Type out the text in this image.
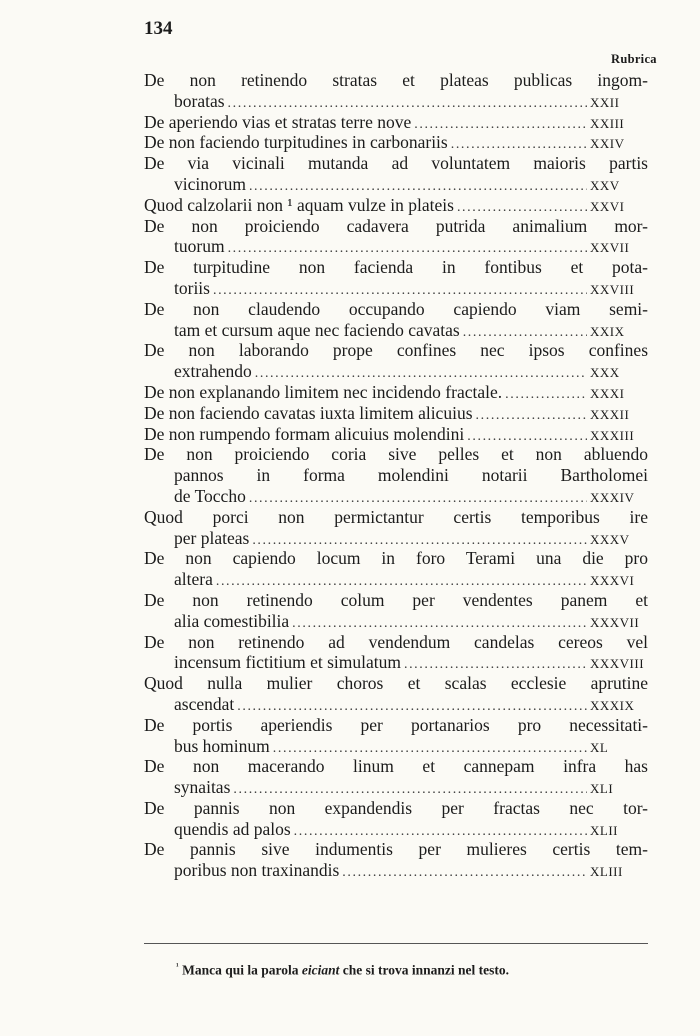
134
Rubrica
De non retinendo stratas et plateas publicas ingom-
boratas .....	XXII
De aperiendo vias et stratas terre nove .....	XXIII
De non faciendo turpitudines in carbonariis .....	XXIV
De via vicinali mutanda ad voluntatem maioris partis
vicinorum .....	XXV
Quod calzolarii non ¹ aquam vulze in plateis .....	XXVI
De non proiciendo cadavera putrida animalium mor-
tuorum .....	XXVII
De turpitudine non facienda in fontibus et pota-
toriis .....	XXVIII
De non claudendo occupando capiendo viam semi-
tam et cursum aque nec faciendo cavatas .....	XXIX
De non laborando prope confines nec ipsos confines
extrahendo .....	XXX
De non explanando limitem nec incidendo fractale. .....	XXXI
De non faciendo cavatas iuxta limitem alicuius .....	XXXII
De non rumpendo formam alicuius molendini .....	XXXIII
De non proiciendo coria sive pelles et non abluendo
pannos in forma molendini notarii Bartholomei
de Toccho .....	XXXIV
Quod porci non permictantur certis temporibus ire
per plateas .....	XXXV
De non capiendo locum in foro Terami una die pro
altera .....	XXXVI
De non retinendo colum per vendentes panem et
alia comestibilia .....	XXXVII
De non retinendo ad vendendum candelas cereos vel
incensum fictitium et simulatum .....	XXXVIII
Quod nulla mulier choros et scalas ecclesie aprutine
ascendat .....	XXXIX
De portis aperiendis per portanarios pro necessitati-
bus hominum .....	XL
De non macerando linum et cannepam infra has
synaitas .....	XLI
De pannis non expandendis per fractas nec tor-
quendis ad palos .....	XLII
De pannis sive indumentis per mulieres certis tem-
poribus non traxinandis .....	XLIII
$^{^1}$ Manca qui la parola eiciant che si trova innanzi nel testo.
